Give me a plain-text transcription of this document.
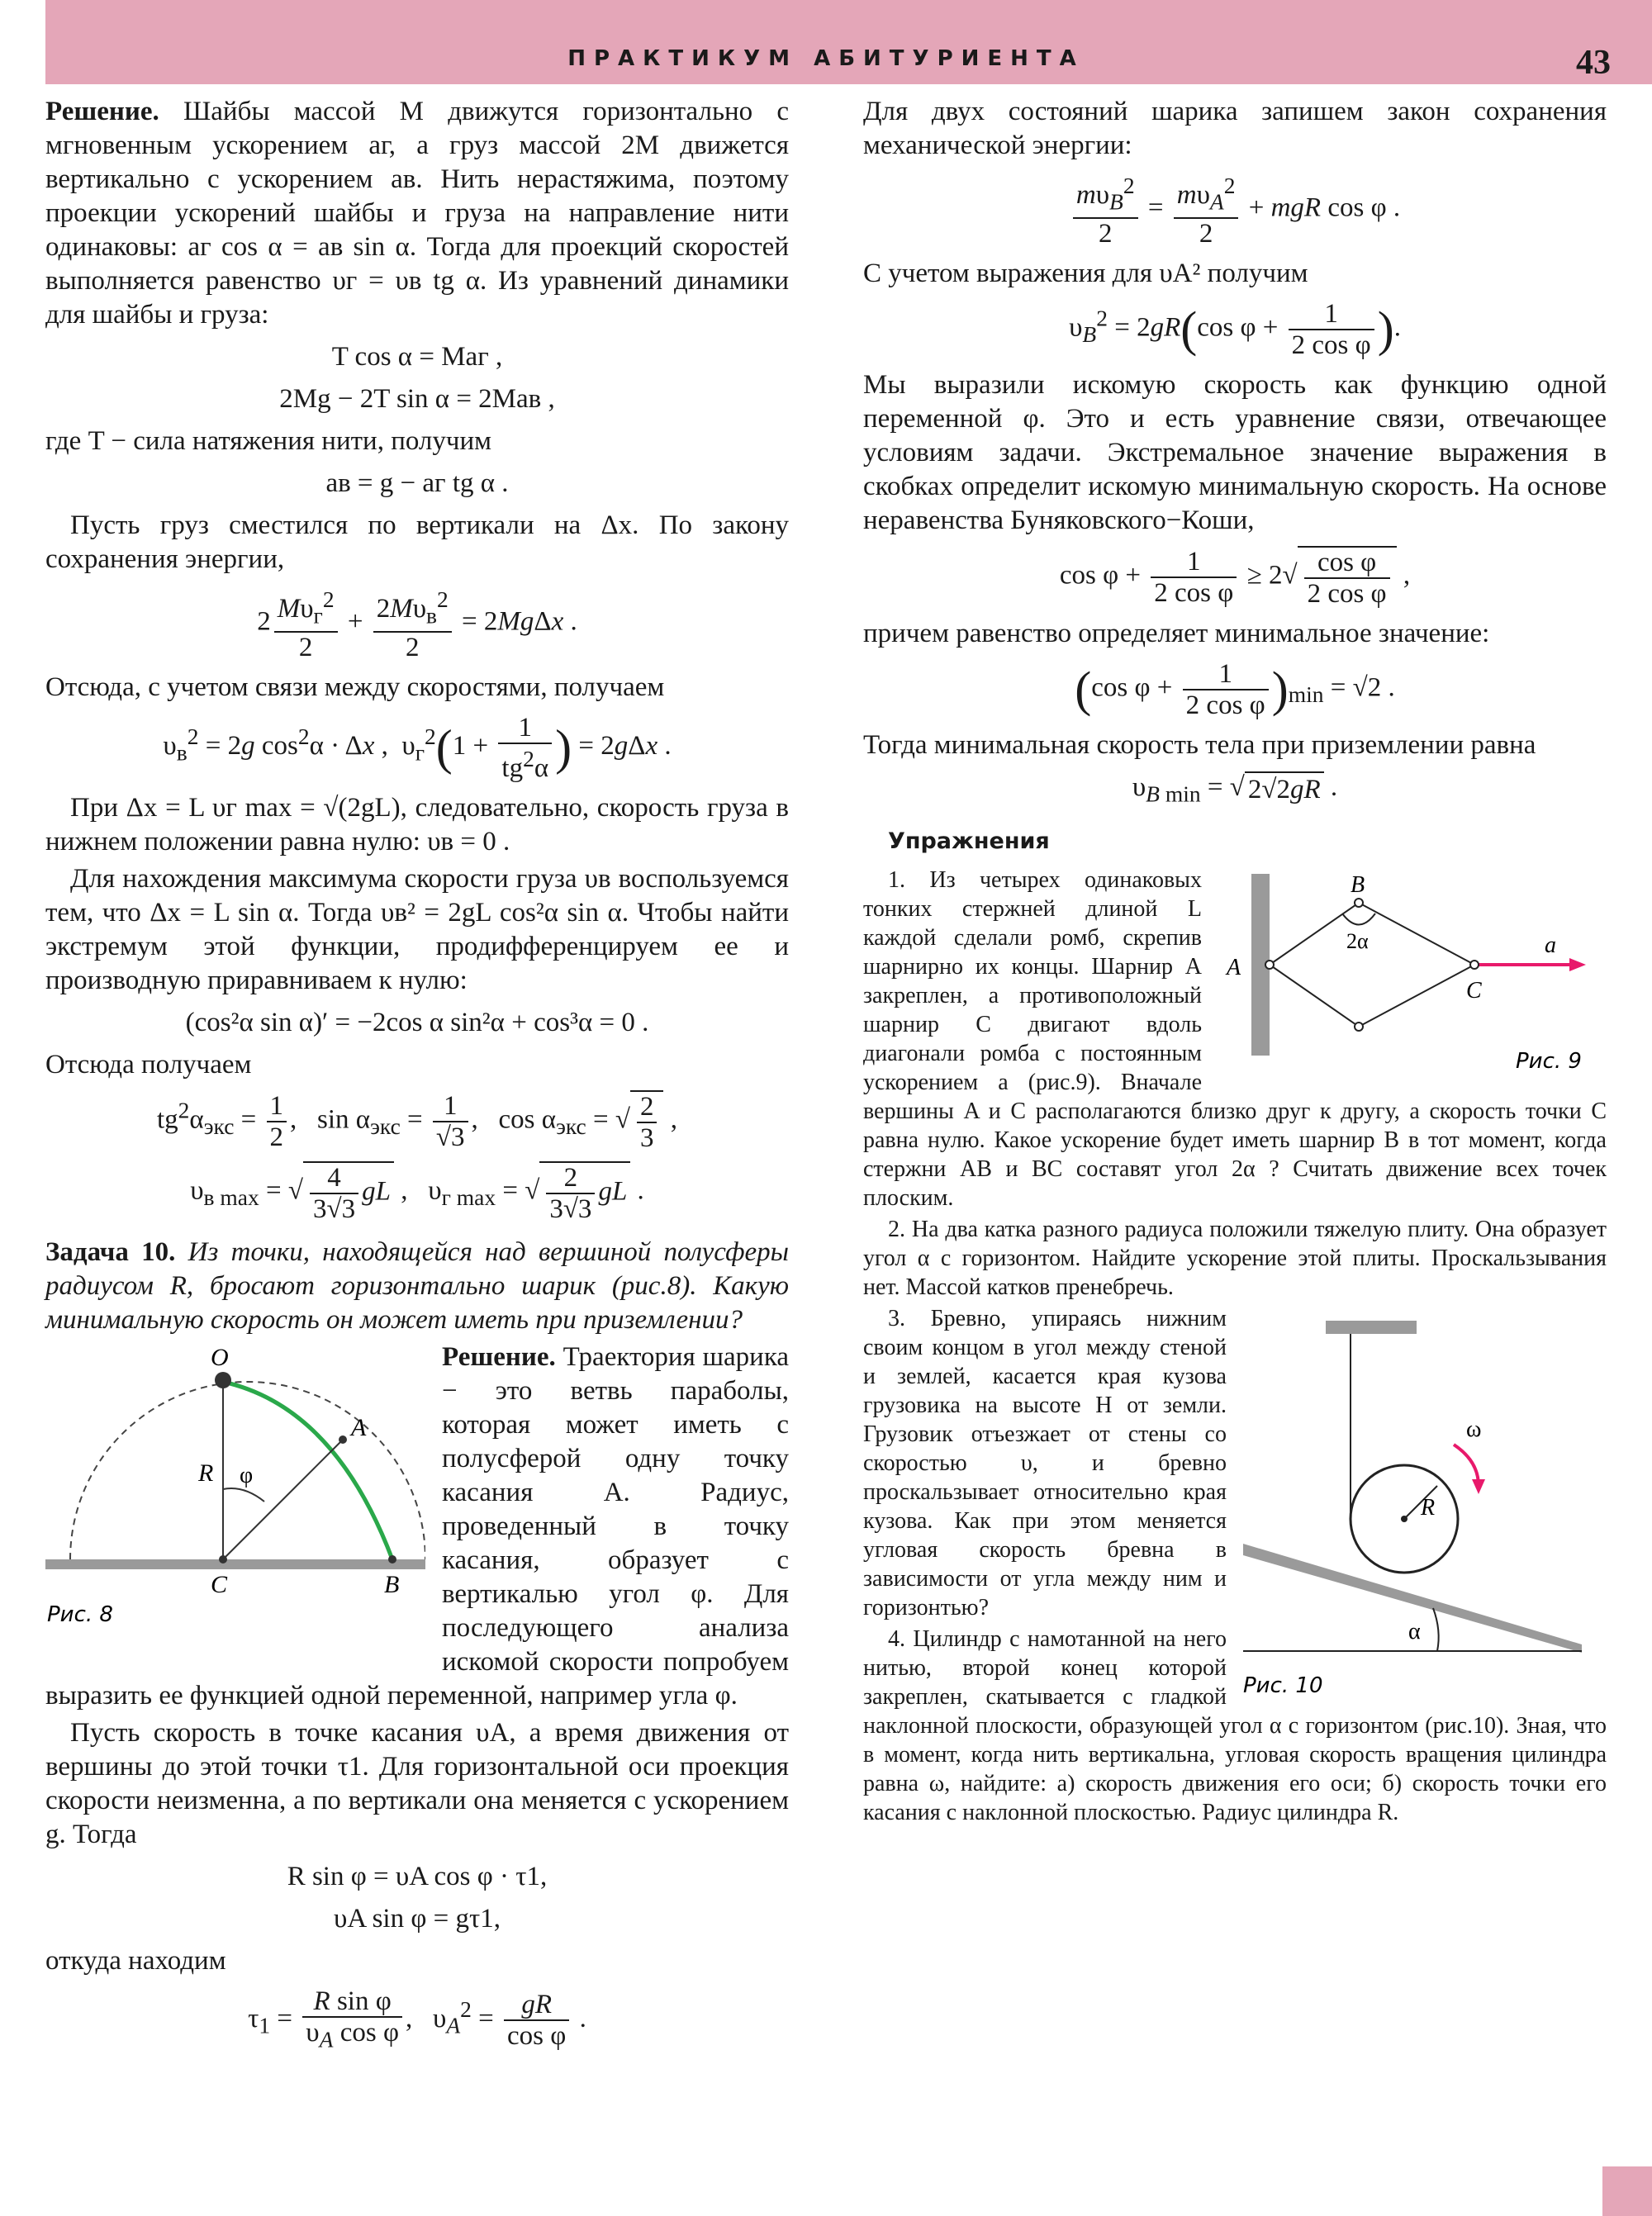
ПРАКТИКУМ АБИТУРИЕНТА	43

Решение. Шайбы массой M движутся горизонтально с мгновенным ускорением aг, а груз массой 2M движется вертикально с ускорением aв. Нить нерастяжима, поэтому проекции ускорений шайбы и груза на направление нити одинаковы: aг cos α = aв sin α. Тогда для проекций скоростей выполняется равенство υг = υв tg α. Из уравнений динамики для шайбы и груза:

T cos α = Maг ,
2Mg − 2T sin α = 2Maв ,

где T − сила натяжения нити, получим

aв = g − aг tg α .

Пусть груз сместился по вертикали на Δx. По закону сохранения энергии,

$2 \frac{M\upsilon_г^2}{2} + \frac{2M\upsilon_в^2}{2} = 2Mg\Delta x$ .

Отсюда, с учетом связи между скоростями, получаем

$\upsilon_в^2 = 2g$ $\cos^2\alpha \cdot \Delta x$ ,  $\upsilon_г^2(1 + \frac{1}{tg^2\alpha}$ ) = 2gΔx .

При Δx = L υг max = √(2gL), следовательно, скорость груза в нижнем положении равна нулю: υв = 0 .

Для нахождения максимума скорости груза υв воспользуемся тем, что Δx = L sin α. Тогда υв² = 2gL cos²α sin α. Чтобы найти экстремум этой функции, продифференцируем ее и производную приравниваем к нулю:

(cos²α sin α)′ = −2cos α sin²α + cos³α = 0 .

Отсюда получаем

$tg^2\alpha_{экс} = \frac{1}{2}$ ,   $\sin \alpha_{экс} = \frac{1}{√3}$ ,   $\cos \alpha_{экс}$ = √ $\frac{2}{3}$ ,
$\upsilon_{в max}$ = √ $\frac{4}{3√3}$ gL ,   $\upsilon_{г max}$ = √ $\frac{2}{3√3}$ gL .

Задача 10. Из точки, находящейся над вершиной полусферы радиусом R, бросают горизонтально шарик (рис.8). Какую минимальную скорость он может иметь при приземлении?

O
A
R φ
C	B
Рис. 8

Решение. Траектория шарика − это ветвь параболы, которая может иметь с полусферой одну точку касания A. Радиус, проведенный в точку касания, образует с вертикалью угол φ. Для последующего анализа искомой скорости попробуем выразить ее функцией одной переменной, например угла φ.

Пусть скорость в точке касания υA, а время движения от вершины до этой точки τ1. Для горизонтальной оси проекция скорости неизменна, а по вертикали она меняется с ускорением g. Тогда

R sin φ = υA cos φ · τ1,
υA sin φ = gτ1,

откуда находим

$\tau_1 = \frac{\text{R sin φ}}{\upsilon_A \cos \varphi}$ ,   $\upsilon_A^2 = \frac{gR}{\text{cos φ}}$ .

Для двух состояний шарика запишем закон сохранения механической энергии:

$\frac{m\upsilon_B^2}{2} = \frac{m\upsilon_A^2}{2}$ + mgR cos φ .

С учетом выражения для υA² получим

$\upsilon_B^2 = 2gR(\cos$ $\varphi + \frac{1}{\text{2 cos φ}}$ ).

Мы выразили искомую скорость как функцию одной переменной φ. Это и есть уравнение связи, отвечающее условиям задачи. Экстремальное значение выражения в скобках определит искомую минимальную скорость. На основе неравенства Буняковского−Коши,

$\cos \varphi + \frac{1}{\text{2 cos φ}} \ge 2√ \frac{\text{cos φ}}{\text{2 cos φ}}$ ,

причем равенство определяет минимальное значение:

(cos $\varphi + \frac{1}{\text{2 cos φ}} )_{min} = √2$ .

Тогда минимальная скорость тела при приземлении равна

$\upsilon_{B min}$ = √ 2√2gR .
Упражнения
A
B
C
2α	a
Рис. 9

1. Из четырех одинаковых тонких стержней длиной L каждой сделали ромб, скрепив шарнирно их концы. Шарнир A закреплен, а противоположный шарнир C двигают вдоль диагонали ромба с постоянным ускорением a (рис.9). Вначале вершины A и C располагаются близко друг к другу, а скорость точки C равна нулю. Какое ускорение будет иметь шарнир B в тот момент, когда стержни AB и BC составят угол 2α ? Считать движение всех точек плоским.

2. На два катка разного радиуса положили тяжелую плиту. Она образует угол α с горизонтом. Найдите ускорение этой плиты. Проскальзывания нет. Массой катков пренебречь.

ω
R
α
Рис. 10

3. Бревно, упираясь нижним своим концом в угол между стеной и землей, касается края кузова грузовика на высоте H от земли. Грузовик отъезжает от стены со скоростью υ, и бревно проскальзывает относительно края кузова. Как при этом меняется угловая скорость бревна в зависимости от угла между ним и горизонтью?

4. Цилиндр с намотанной на него нитью, второй конец которой закреплен, скатывается с гладкой наклонной плоскости, образующей угол α с горизонтом (рис.10). Зная, что в момент, когда нить вертикальна, угловая скорость вращения цилиндра равна ω, найдите: а) скорость движения его оси; б) скорость точки его касания с наклонной плоскостью. Радиус цилиндра R.
